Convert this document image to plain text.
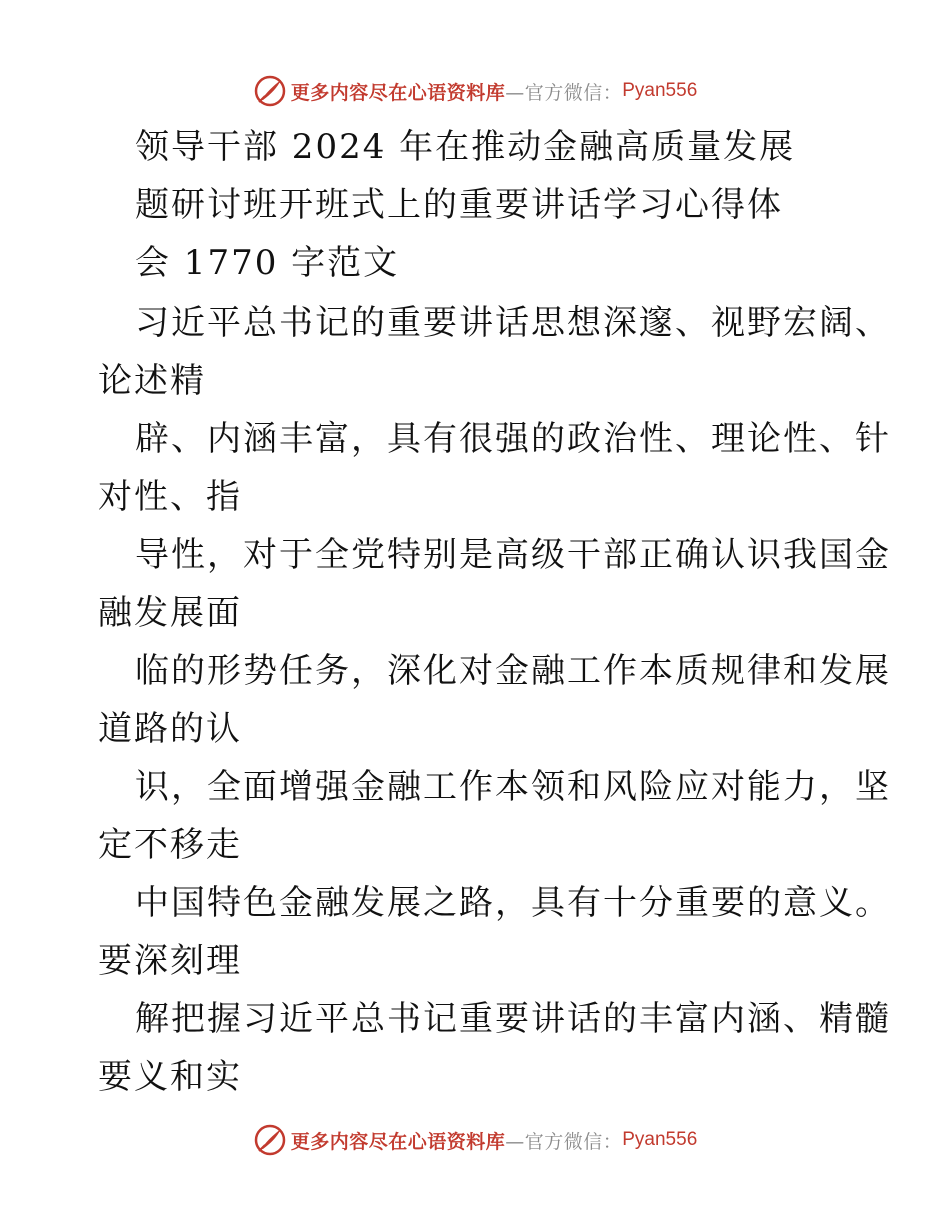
更多内容尽在心语资料库 —官方微信： Pyan556
领导干部 2024 年在推动金融高质量发展
题研讨班开班式上的重要讲话学习心得体
会 1770 字范文
习近平总书记的重要讲话思想深邃、视野宏阔、
论述精
辟、内涵丰富，具有很强的政治性、理论性、针
对性、指
导性，对于全党特别是高级干部正确认识我国金
融发展面
临的形势任务，深化对金融工作本质规律和发展
道路的认
识，全面增强金融工作本领和风险应对能力，坚
定不移走
中国特色金融发展之路，具有十分重要的意义。
要深刻理
解把握习近平总书记重要讲话的丰富内涵、精髓
要义和实
更多内容尽在心语资料库 —官方微信： Pyan556
